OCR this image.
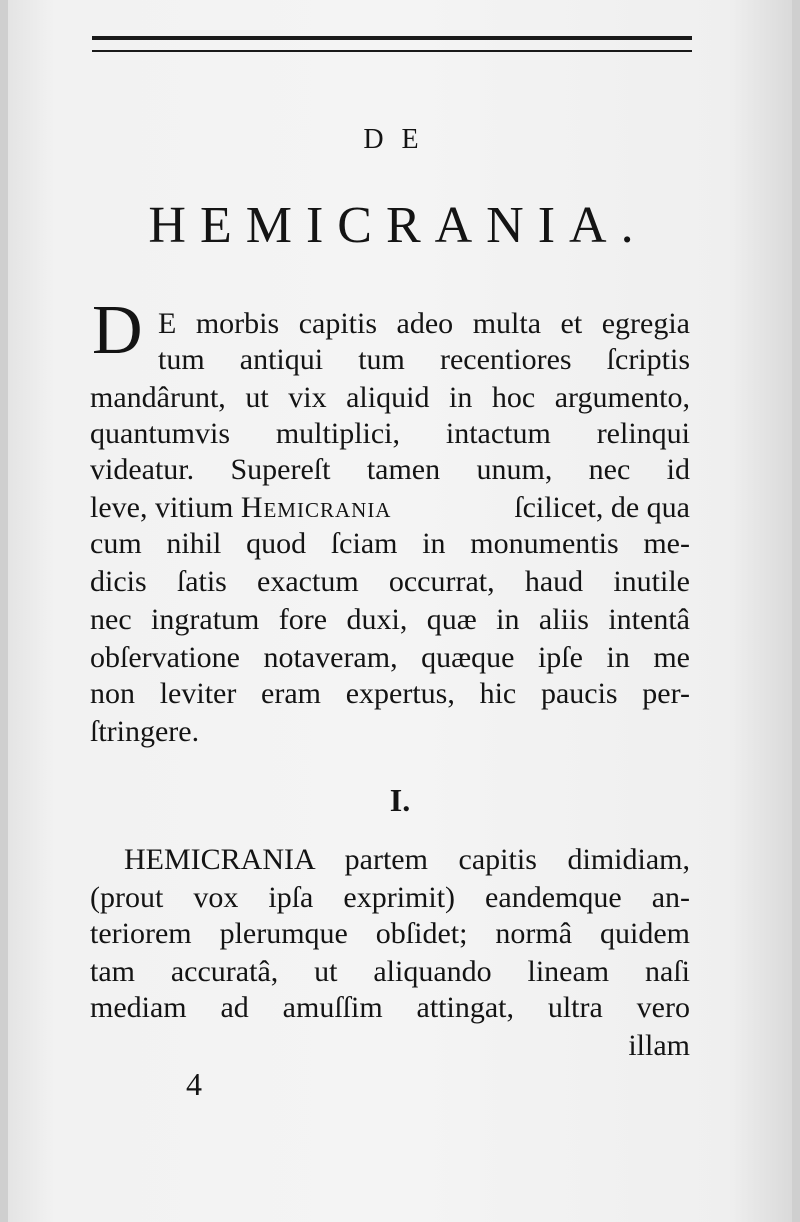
DE
HEMICRANIA.
D E morbis capitis adeo multa et egregia
tum antiqui tum recentiores ſcriptis
mandârunt, ut vix aliquid in hoc argumento,
quantumvis multiplici, intactum relinqui
videatur. Supereſt tamen unum, nec id
leve, vitium Hemicrania	ſcilicet, de qua
cum nihil quod ſciam in monumentis me-
dicis ſatis exactum occurrat, haud inutile
nec ingratum fore duxi, quæ in aliis intentâ
obſervatione notaveram, quæque ipſe in me
non leviter eram expertus, hic paucis per-
ſtringere.
I.
HEMICRANIA partem capitis dimidiam,
(prout vox ipſa exprimit) eandemque an-
teriorem plerumque obſidet; normâ quidem
tam accuratâ, ut aliquando lineam naſi
mediam ad amuſſim attingat, ultra vero
illam
4
